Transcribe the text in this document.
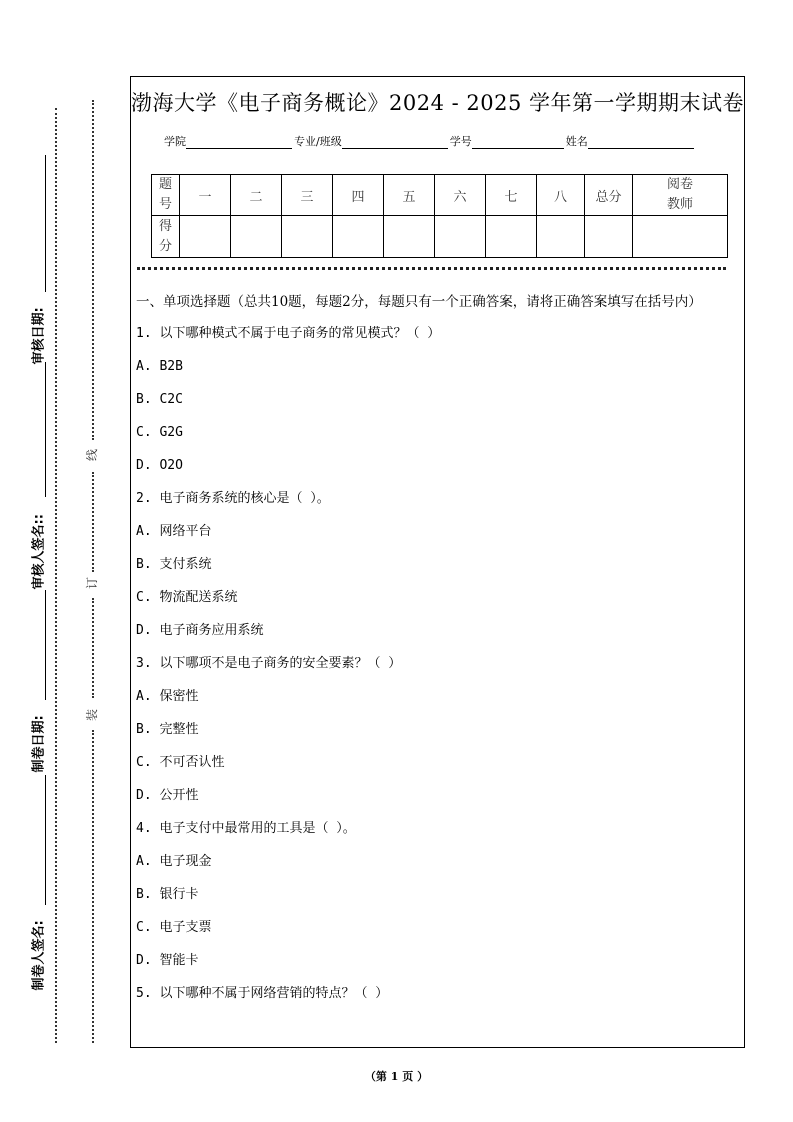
审核日期:
审核人签名::
制卷日期:
制卷人签名:
线
订
装
渤海大学《电子商务概论》2024 - 2025 学年第一学期期末试卷
学院	专业/班级	学号	姓名
题
号	一	二	三	四	五	六	七	八	总分	阅卷
教师

得
分										

一、单项选择题（总共10题，每题2分，每题只有一个正确答案，请将正确答案填写在括号内）
1. 以下哪种模式不属于电子商务的常见模式？（ ）
A. B2B
B. C2C
C. G2G
D. O2O
2. 电子商务系统的核心是（ ）。
A. 网络平台
B. 支付系统
C. 物流配送系统
D. 电子商务应用系统
3. 以下哪项不是电子商务的安全要素？（ ）
A. 保密性
B. 完整性
C. 不可否认性
D. 公开性
4. 电子支付中最常用的工具是（ ）。
A. 电子现金
B. 银行卡
C. 电子支票
D. 智能卡
5. 以下哪种不属于网络营销的特点？（ ）
（第 1 页 ）
